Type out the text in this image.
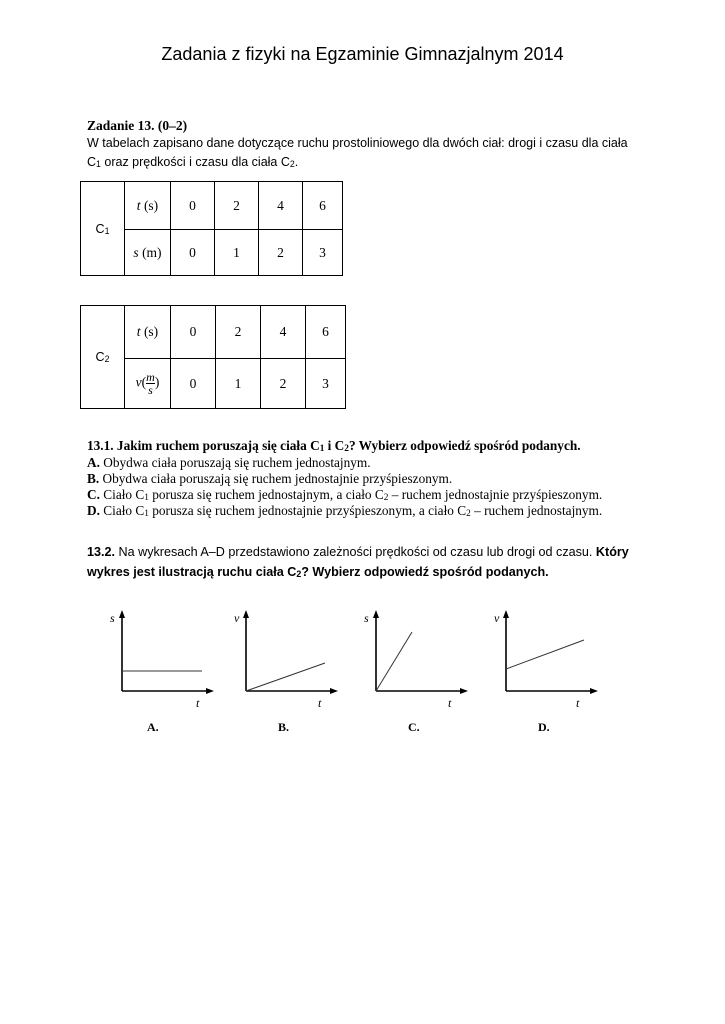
Zadania z fizyki na Egzaminie Gimnazjalnym 2014
Zadanie 13. (0–2)
W tabelach zapisano dane dotyczące ruchu prostoliniowego dla dwóch ciał: drogi i czasu dla ciała
$C_1$ oraz prędkości i czasu dla ciała $C_2$.
$C_1$	t (s)	0	2	4	6
	s (m)	0	1	2	3
$C_2$	t (s)	0	2	4	6
	$v( \frac{m}{s}$ )	0	1	2	3
13.1. Jakim ruchem poruszają się ciała $C_1$ i $C_2$? Wybierz odpowiedź spośród podanych.
A. Obydwa ciała poruszają się ruchem jednostajnym.
B. Obydwa ciała poruszają się ruchem jednostajnie przyśpieszonym.
C. Ciało $C_1$ porusza się ruchem jednostajnym, a ciało $C_2$ – ruchem jednostajnie przyśpieszonym.
D. Ciało $C_1$ porusza się ruchem jednostajnie przyśpieszonym, a ciało $C_2$ – ruchem jednostajnym.
13.2. Na wykresach A–D przedstawiono zależności prędkości od czasu lub drogi od czasu. Który
wykres jest ilustracją ruchu ciała $C_2$? Wybierz odpowiedź spośród podanych.
s
t
A.
v
t
B.
s
t
C.
v
t
D.
